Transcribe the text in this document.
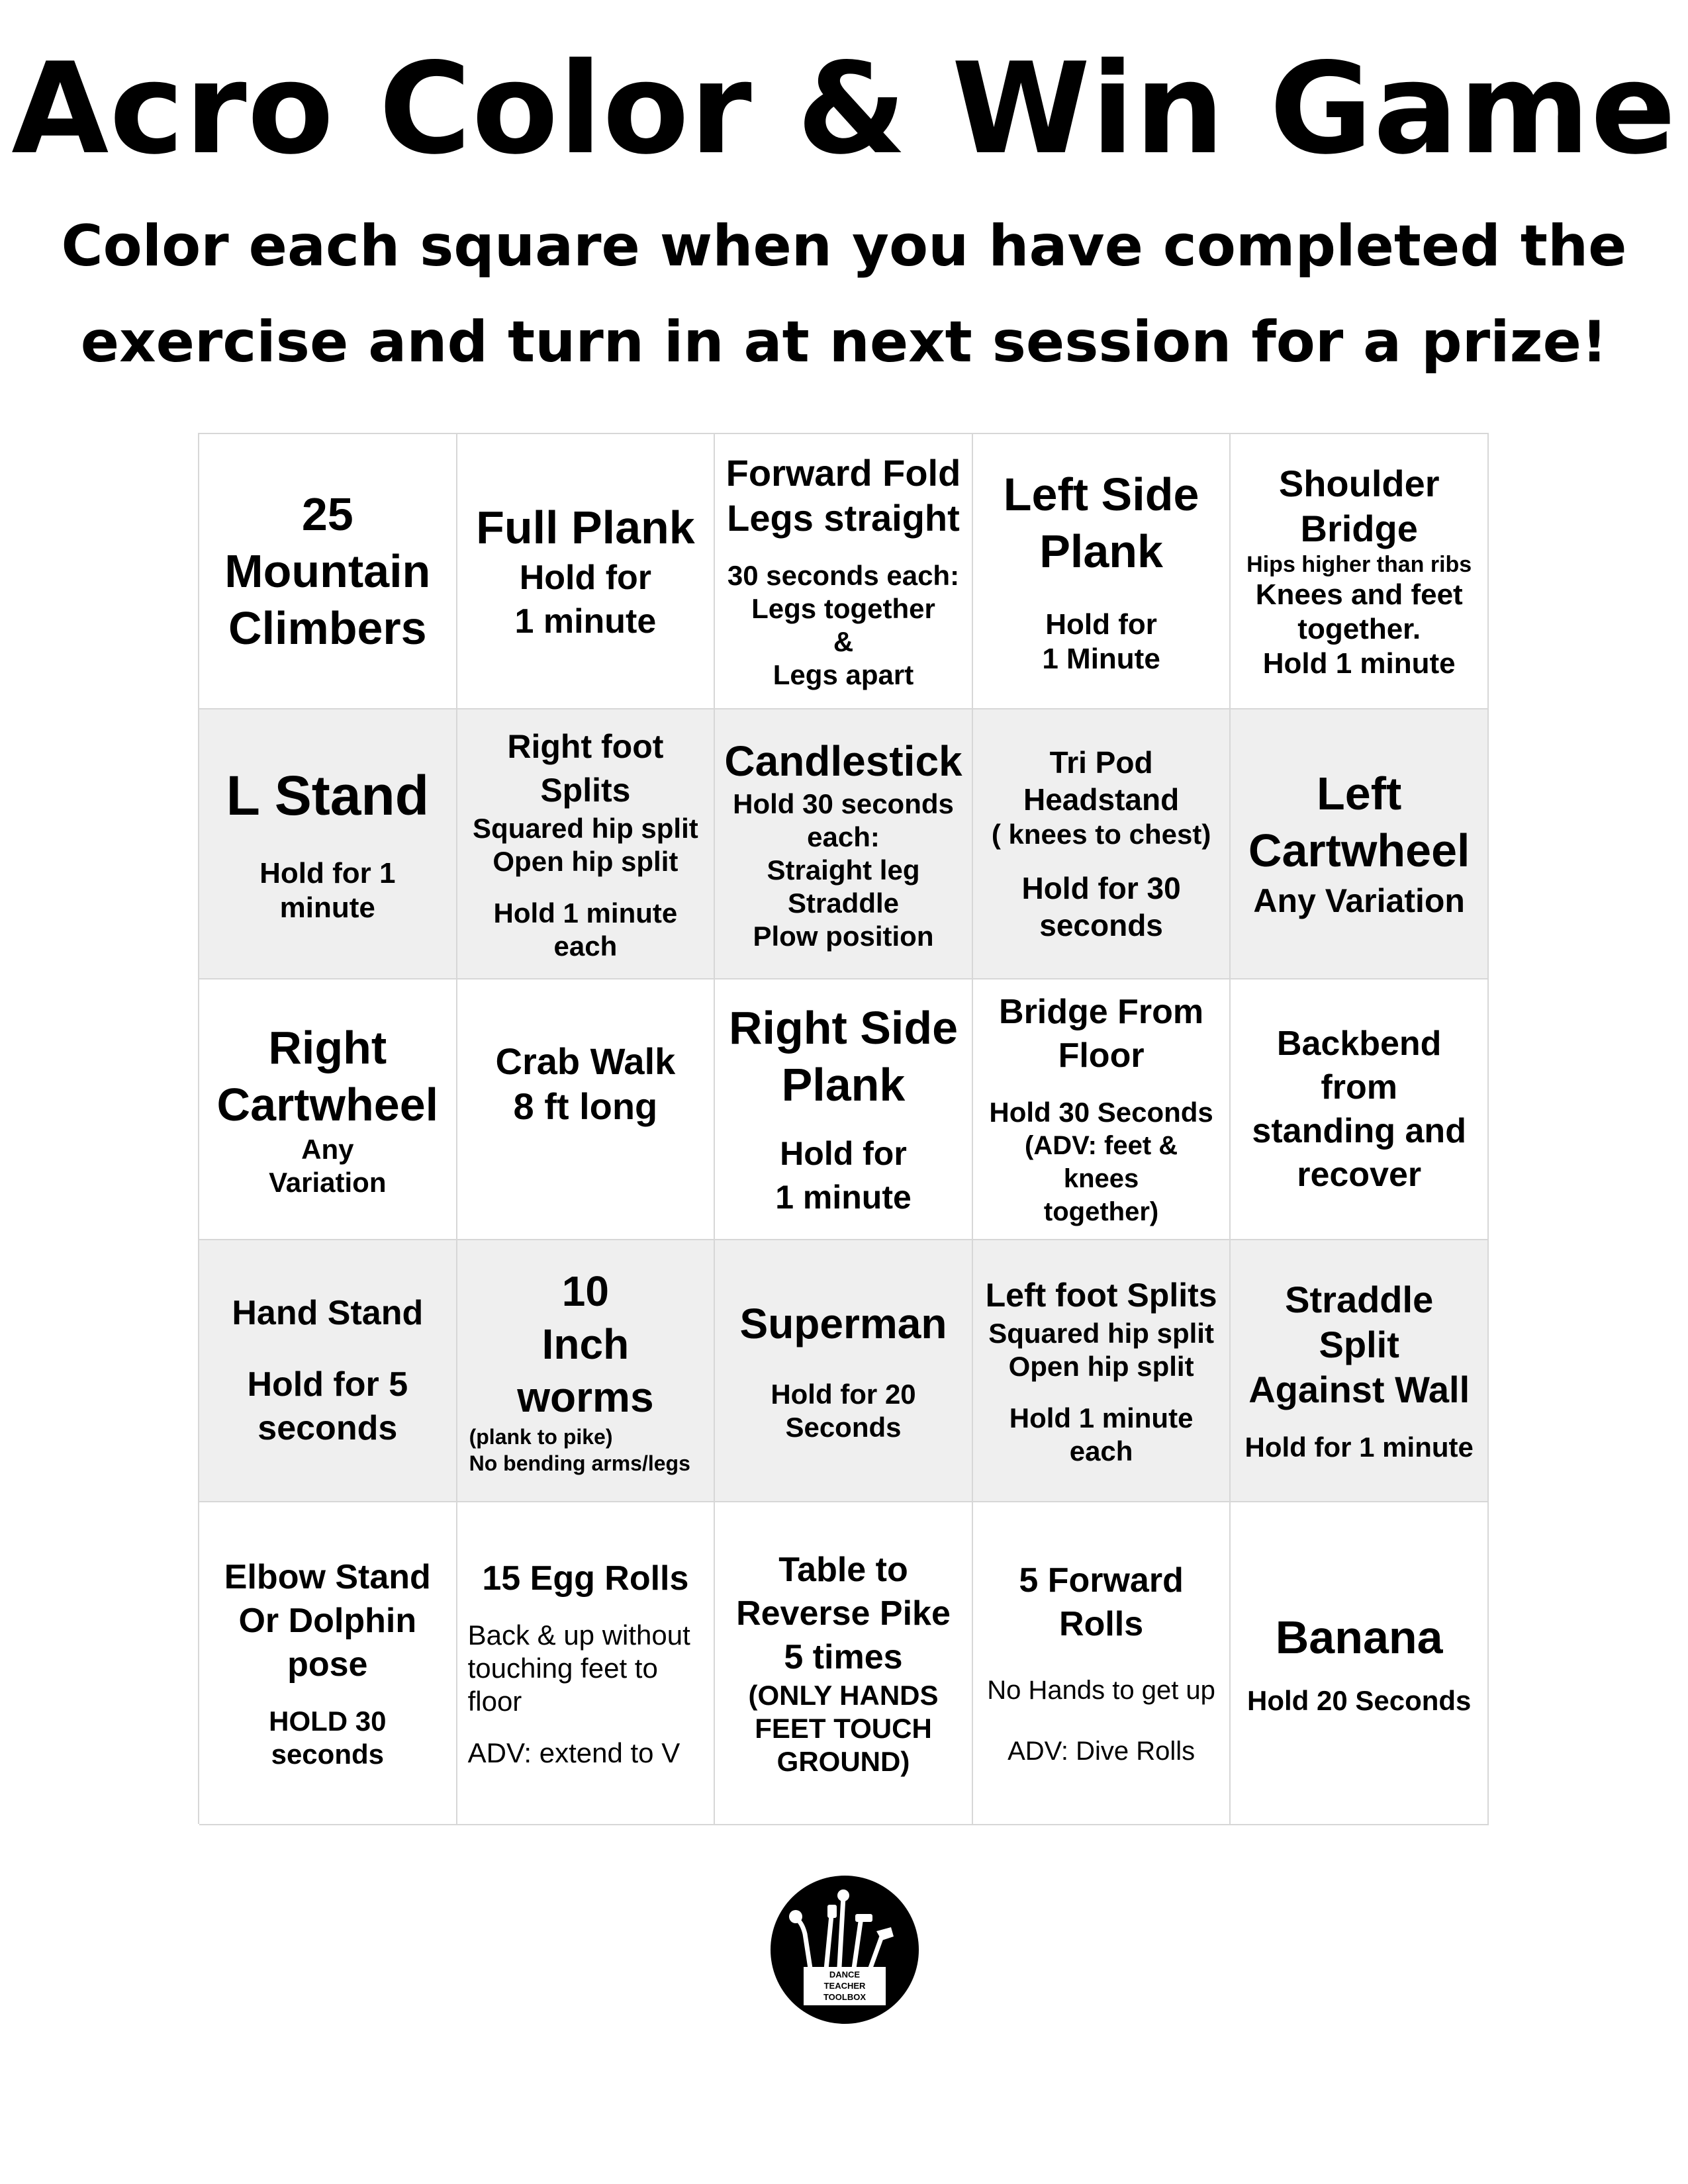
Acro Color & Win Game
Color each square when you have completed the
exercise and turn in at next session for a prize!
25
Mountain
Climbers
Full Plank
Hold for
1 minute
Forward Fold
Legs straight
30 seconds each:
Legs together
&
Legs apart
Left Side
Plank
Hold for
1 Minute
Shoulder
Bridge
Hips higher than ribs
Knees and feet
together.
Hold 1 minute
L Stand
Hold for 1 minute
Right foot
Splits
Squared hip split
Open hip split
Hold 1 minute
each
Candlestick
Hold 30 seconds
each:
Straight leg
Straddle
Plow position
Tri Pod
Headstand
( knees to chest)
Hold for 30
seconds
Left
Cartwheel
Any Variation
Right
Cartwheel
Any
Variation
Crab Walk
8 ft long
Right Side
Plank
Hold for
1 minute
Bridge From
Floor
Hold 30 Seconds
(ADV: feet & knees
together)
Backbend
from
standing and
recover
Hand Stand
Hold for 5
seconds
10
Inch
worms
(plank to pike)
No bending arms/legs
Superman
Hold for 20
Seconds
Left foot Splits
Squared hip split
Open hip split
Hold 1 minute
each
Straddle
Split
Against Wall
Hold for 1 minute
Elbow Stand
Or Dolphin
pose
HOLD 30
seconds
15 Egg Rolls
Back & up without
touching feet to
floor
ADV: extend to V
Table to
Reverse Pike
5 times
(ONLY HANDS
FEET TOUCH
GROUND)
5 Forward
Rolls
No Hands to get up
ADV: Dive Rolls
Banana
Hold 20 Seconds
DANCE
TEACHER
TOOLBOX
